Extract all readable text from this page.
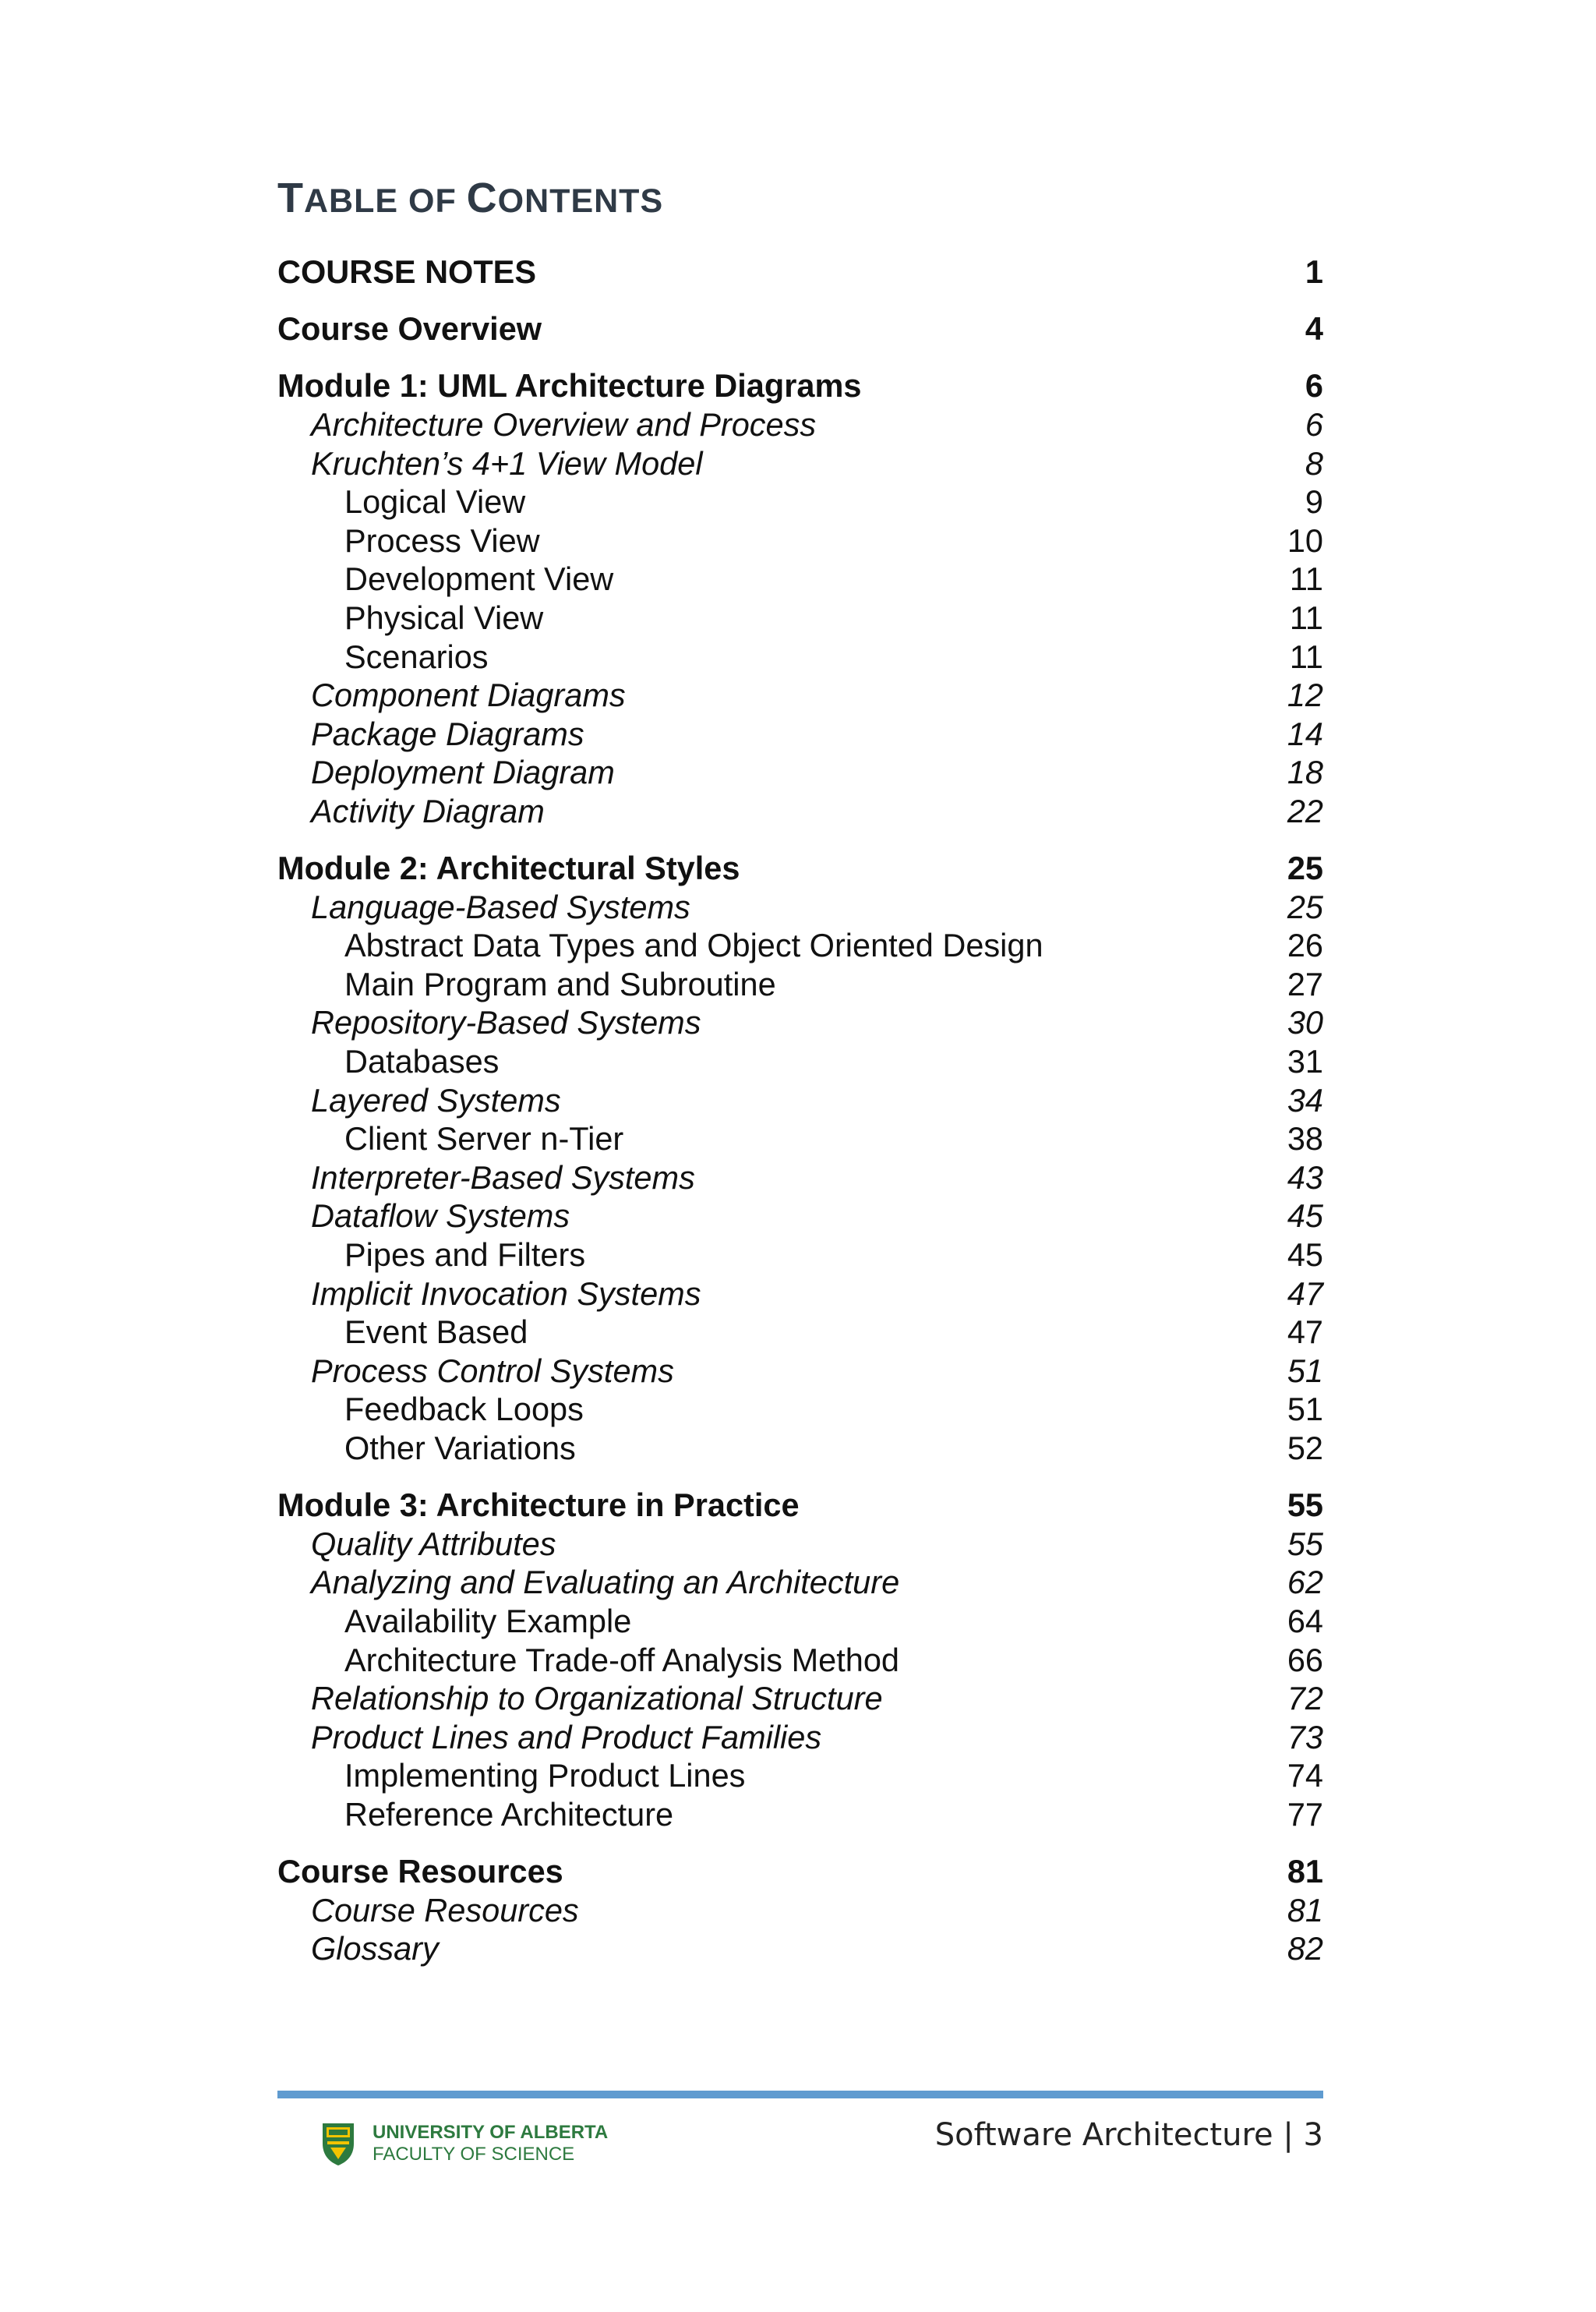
TABLE OF CONTENTS
COURSE NOTES	1
Course Overview	4
Module 1: UML Architecture Diagrams	6
Architecture Overview and Process	6
Kruchten’s 4+1 View Model	8
Logical View	9
Process View	10
Development View	11
Physical View	11
Scenarios	11
Component Diagrams	12
Package Diagrams	14
Deployment Diagram	18
Activity Diagram	22
Module 2: Architectural Styles	25
Language-Based Systems	25
Abstract Data Types and Object Oriented Design	26
Main Program and Subroutine	27
Repository-Based Systems	30
Databases	31
Layered Systems	34
Client Server n-Tier	38
Interpreter-Based Systems	43
Dataflow Systems	45
Pipes and Filters	45
Implicit Invocation Systems	47
Event Based	47
Process Control Systems	51
Feedback Loops	51
Other Variations	52
Module 3: Architecture in Practice	55
Quality Attributes	55
Analyzing and Evaluating an Architecture	62
Availability Example	64
Architecture Trade-off Analysis Method	66
Relationship to Organizational Structure	72
Product Lines and Product Families	73
Implementing Product Lines	74
Reference Architecture	77
Course Resources	81
Course Resources	81
Glossary	82
UNIVERSITY OF ALBERTA
FACULTY OF SCIENCE
Software Architecture | 3
